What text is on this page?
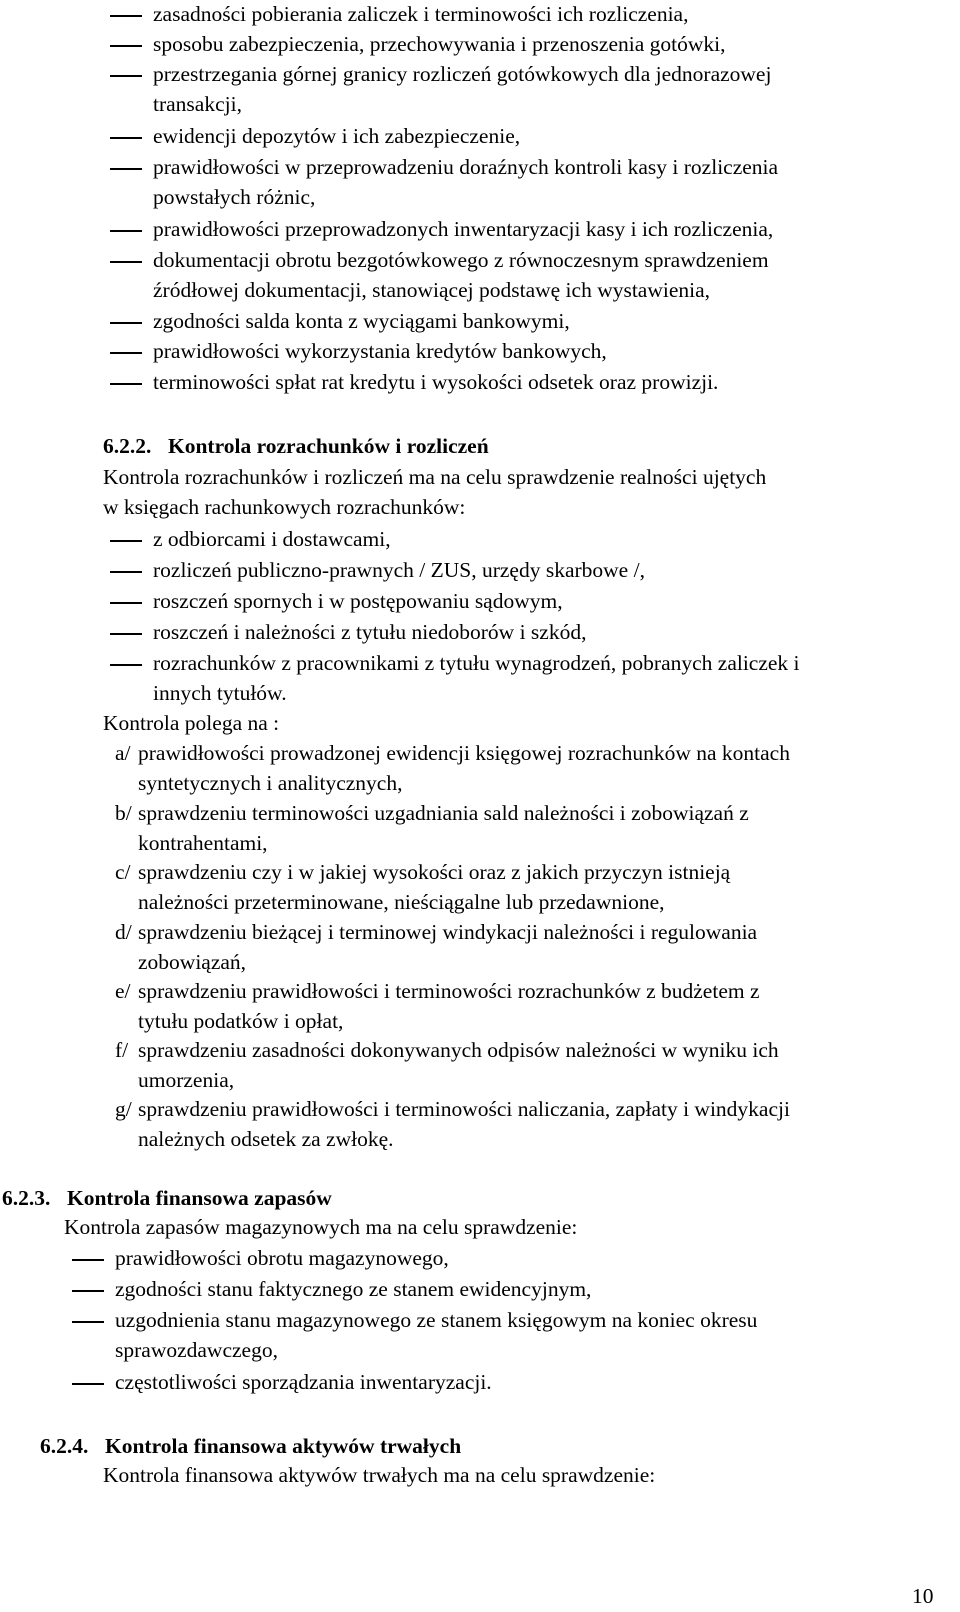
zasadności pobierania zaliczek i terminowości ich rozliczenia,

sposobu zabezpieczenia, przechowywania i przenoszenia gotówki,

przestrzegania górnej granicy rozliczeń gotówkowych dla jednorazowej

transakcji,

ewidencji depozytów i ich zabezpieczenie,

prawidłowości w przeprowadzeniu doraźnych kontroli kasy i rozliczenia

powstałych różnic,

prawidłowości przeprowadzonych inwentaryzacji kasy i ich rozliczenia,

dokumentacji obrotu bezgotówkowego z równoczesnym sprawdzeniem

źródłowej dokumentacji, stanowiącej podstawę ich wystawienia,

zgodności salda konta z wyciągami bankowymi,

prawidłowości wykorzystania kredytów bankowych,

terminowości spłat rat kredytu i wysokości odsetek oraz prowizji.

6.2.2. Kontrola rozrachunków i rozliczeń

Kontrola rozrachunków i rozliczeń ma na celu sprawdzenie realności ujętych

w księgach rachunkowych rozrachunków:

z odbiorcami i dostawcami,

rozliczeń publiczno-prawnych / ZUS, urzędy skarbowe /,

roszczeń spornych i w postępowaniu sądowym,

roszczeń i należności z tytułu niedoborów i szkód,

rozrachunków z pracownikami z tytułu wynagrodzeń, pobranych zaliczek i

innych tytułów.

Kontrola polega na :

a/ prawidłowości prowadzonej ewidencji księgowej rozrachunków na kontach

syntetycznych i analitycznych,

b/ sprawdzeniu terminowości uzgadniania sald należności i zobowiązań z

kontrahentami,

c/ sprawdzeniu czy i w jakiej wysokości oraz z jakich przyczyn istnieją

należności przeterminowane, nieściągalne lub przedawnione,

d/ sprawdzeniu bieżącej i terminowej windykacji należności i regulowania

zobowiązań,

e/ sprawdzeniu prawidłowości i terminowości rozrachunków z budżetem z

tytułu podatków i opłat,

f/ sprawdzeniu zasadności dokonywanych odpisów należności w wyniku ich

umorzenia,

g/ sprawdzeniu prawidłowości i terminowości naliczania, zapłaty i windykacji

należnych odsetek za zwłokę.

6.2.3. Kontrola finansowa zapasów

Kontrola zapasów magazynowych ma na celu sprawdzenie:

prawidłowości obrotu magazynowego,

zgodności stanu faktycznego ze stanem ewidencyjnym,

uzgodnienia stanu magazynowego ze stanem księgowym na koniec okresu

sprawozdawczego,

częstotliwości sporządzania inwentaryzacji.

6.2.4. Kontrola finansowa aktywów trwałych

Kontrola finansowa aktywów trwałych ma na celu sprawdzenie:

10
